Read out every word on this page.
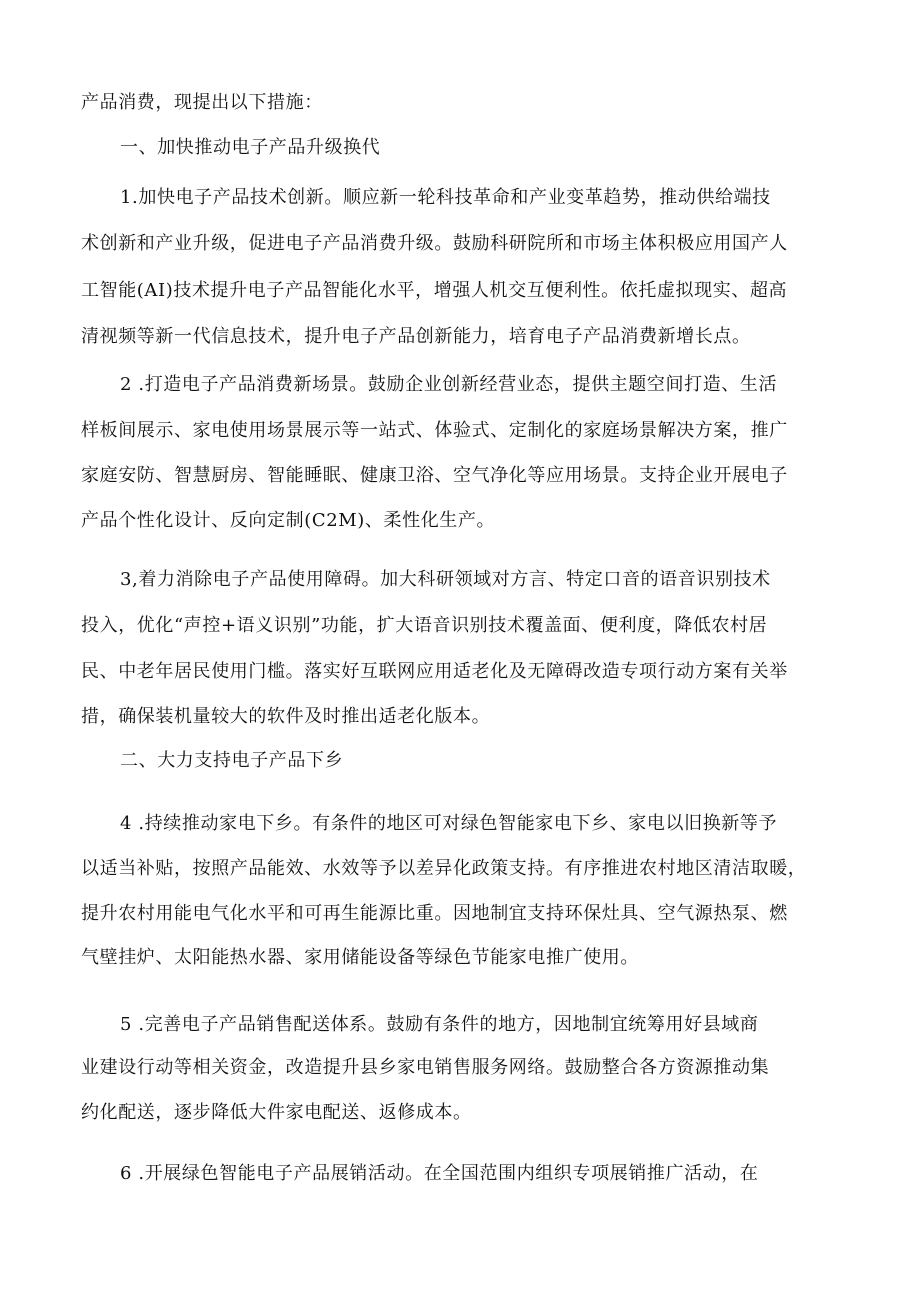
产品消费，现提出以下措施：
一、加快推动电子产品升级换代
1.加快电子产品技术创新。顺应新一轮科技革命和产业变革趋势，推动供给端技
术创新和产业升级，促进电子产品消费升级。鼓励科研院所和市场主体积极应用国产人
工智能(AI)技术提升电子产品智能化水平，增强人机交互便利性。依托虚拟现实、超高
清视频等新一代信息技术，提升电子产品创新能力，培育电子产品消费新增长点。
2 .打造电子产品消费新场景。鼓励企业创新经营业态，提供主题空间打造、生活
样板间展示、家电使用场景展示等一站式、体验式、定制化的家庭场景解决方案，推广
家庭安防、智慧厨房、智能睡眠、健康卫浴、空气净化等应用场景。支持企业开展电子
产品个性化设计、反向定制(C2M)、柔性化生产。
3,着力消除电子产品使用障碍。加大科研领域对方言、特定口音的语音识别技术
投入，优化“声控+语义识别”功能，扩大语音识别技术覆盖面、便利度，降低农村居
民、中老年居民使用门槛。落实好互联网应用适老化及无障碍改造专项行动方案有关举
措，确保装机量较大的软件及时推出适老化版本。
二、大力支持电子产品下乡
4 .持续推动家电下乡。有条件的地区可对绿色智能家电下乡、家电以旧换新等予
以适当补贴，按照产品能效、水效等予以差异化政策支持。有序推进农村地区清洁取暖，
提升农村用能电气化水平和可再生能源比重。因地制宜支持环保灶具、空气源热泵、燃
气壁挂炉、太阳能热水器、家用储能设备等绿色节能家电推广使用。
5 .完善电子产品销售配送体系。鼓励有条件的地方，因地制宜统筹用好县域商
业建设行动等相关资金，改造提升县乡家电销售服务网络。鼓励整合各方资源推动集
约化配送，逐步降低大件家电配送、返修成本。
6 .开展绿色智能电子产品展销活动。在全国范围内组织专项展销推广活动，在
